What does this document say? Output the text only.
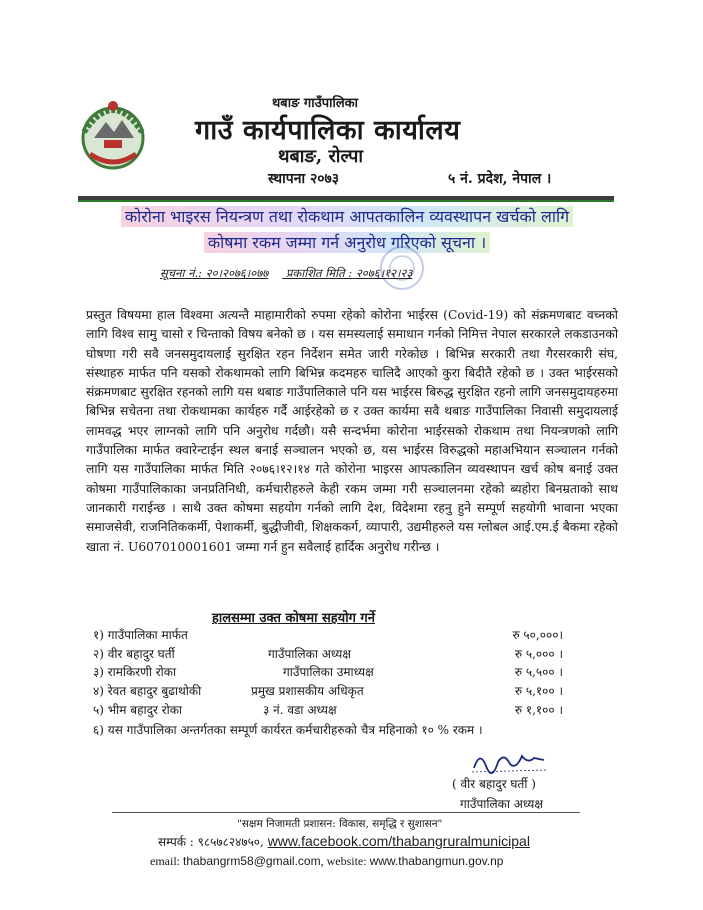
थबाङ गाउँपालिका
गाउँ कार्यपालिका कार्यालय
थबाङ, रोल्पा
स्थापना २०७३	५ नं. प्रदेश, नेपाल ।
कोरोना भाइरस नियन्त्रण तथा रोकथाम आपतकालिन व्यवस्थापन खर्चको लागि
कोषमा रकम जम्मा गर्न अनुरोध गरिएको सूचना ।
सूचना नं.: २०।२०७६।०७७ प्रकाशित मिति : २०७६।१२।२३
प्रस्तुत विषयमा हाल विश्वमा अत्यन्तै माहामारीको रुपमा रहेको कोरोना भाईरस (Covid-19) को संक्रमणबाट वच्नको लागि विश्व सामु चासो र चिन्ताको विषय बनेको छ । यस समस्यलाई समाधान गर्नको निमित्त नेपाल सरकारले लकडाउनको घोषणा गरी सवै जनसमुदायलाई सुरक्षित रहन निर्देशन समेत जारी गरेकोछ । बिभिन्न सरकारी तथा गैरसरकारी संघ, संस्थाहरु मार्फत पनि यसको रोकथामको लागि बिभिन्न कदमहरु चालिदै आएको कुरा बिदीतै रहेको छ । उक्त भाईरसको संक्रमणबाट सुरक्षित रहनको लागि यस थबाङ गाउँपालिकाले पनि यस भाईरस बिरुद्ध सुरक्षित रहनो लागि जनसमुदायहरुमा बिभिन्न सचेतना तथा रोकथामका कार्यहरु गर्दै आईरहेको छ र उक्त कार्यमा सवै थबाङ गाउँपालिका निवासी समुदायलाई लामवद्ध भएर लाग्नको लागि पनि अनुरोध गर्दछौ। यसै सन्दर्भमा कोरोना भाईरसको रोकथाम तथा नियन्त्रणको लागि गाउँपालिका मार्फत क्वारेन्टाईन स्थल बनाई सञ्चालन भएको छ, यस भाईरस विरुद्धको महाअभियान सञ्चालन गर्नको लागि यस गाउँपालिका मार्फत मिति २०७६।१२।१४ गते कोरोना भाइरस आपत्कालिन व्यवस्थापन खर्च कोष बनाई उक्त कोषमा गाउँपालिकाका जनप्रतिनिधी, कर्मचारीहरुले केही रकम जम्मा गरी सञ्चालनमा रहेको ब्यहोरा बिनम्रताको साथ जानकारी गराईन्छ । साथै उक्त कोषमा सहयोग गर्नको लागि देश, विदेशमा रहनु हुने सम्पूर्ण सहयोगी भावाना भएका समाजसेवी, राजनितिककर्मी, पेशाकर्मी, बुद्धीजीवी, शिक्षककर्ग, व्यापारी, उद्यमीहरुले यस ग्लोबल आई.एम.ई बैकमा रहेको खाता नं. U607010001601 जम्मा गर्न हुन सवैलाई हार्दिक अनुरोध गरीन्छ ।
हालसम्मा उक्त कोषमा सहयोग गर्ने
१) गाउँपालिका मार्फत	रु ५०,०००।
२) वीर बहादुर घर्ती	गाउँपालिका अध्यक्ष	रु ५,००० ।
३) रामकिरणी रोका	गाउँपालिका उमाध्यक्ष	रु ५,५०० ।
४) रेवत बहादुर बुढाथोकी	प्रमुख प्रशासकीय अधिकृत	रु ५,१०० ।
५) भीम बहादुर रोका	३ नं. वडा अध्यक्ष	रु १,१०० ।
६) यस गाउँपालिका अन्तर्गतका सम्पूर्ण कार्यरत कर्मचारीहरुको चैत्र महिनाको १० % रकम ।
( वीर बहादुर घर्ती )
गाउँपालिका अध्यक्ष
"सक्षम निजामती प्रशासन: विकास, समृद्धि र सुशासन"
सम्पर्क : ९८५७८२४७५०, www.facebook.com/thabangruralmunicipal
email: thabangrm58@gmail.com, website: www.thabangmun.gov.np
